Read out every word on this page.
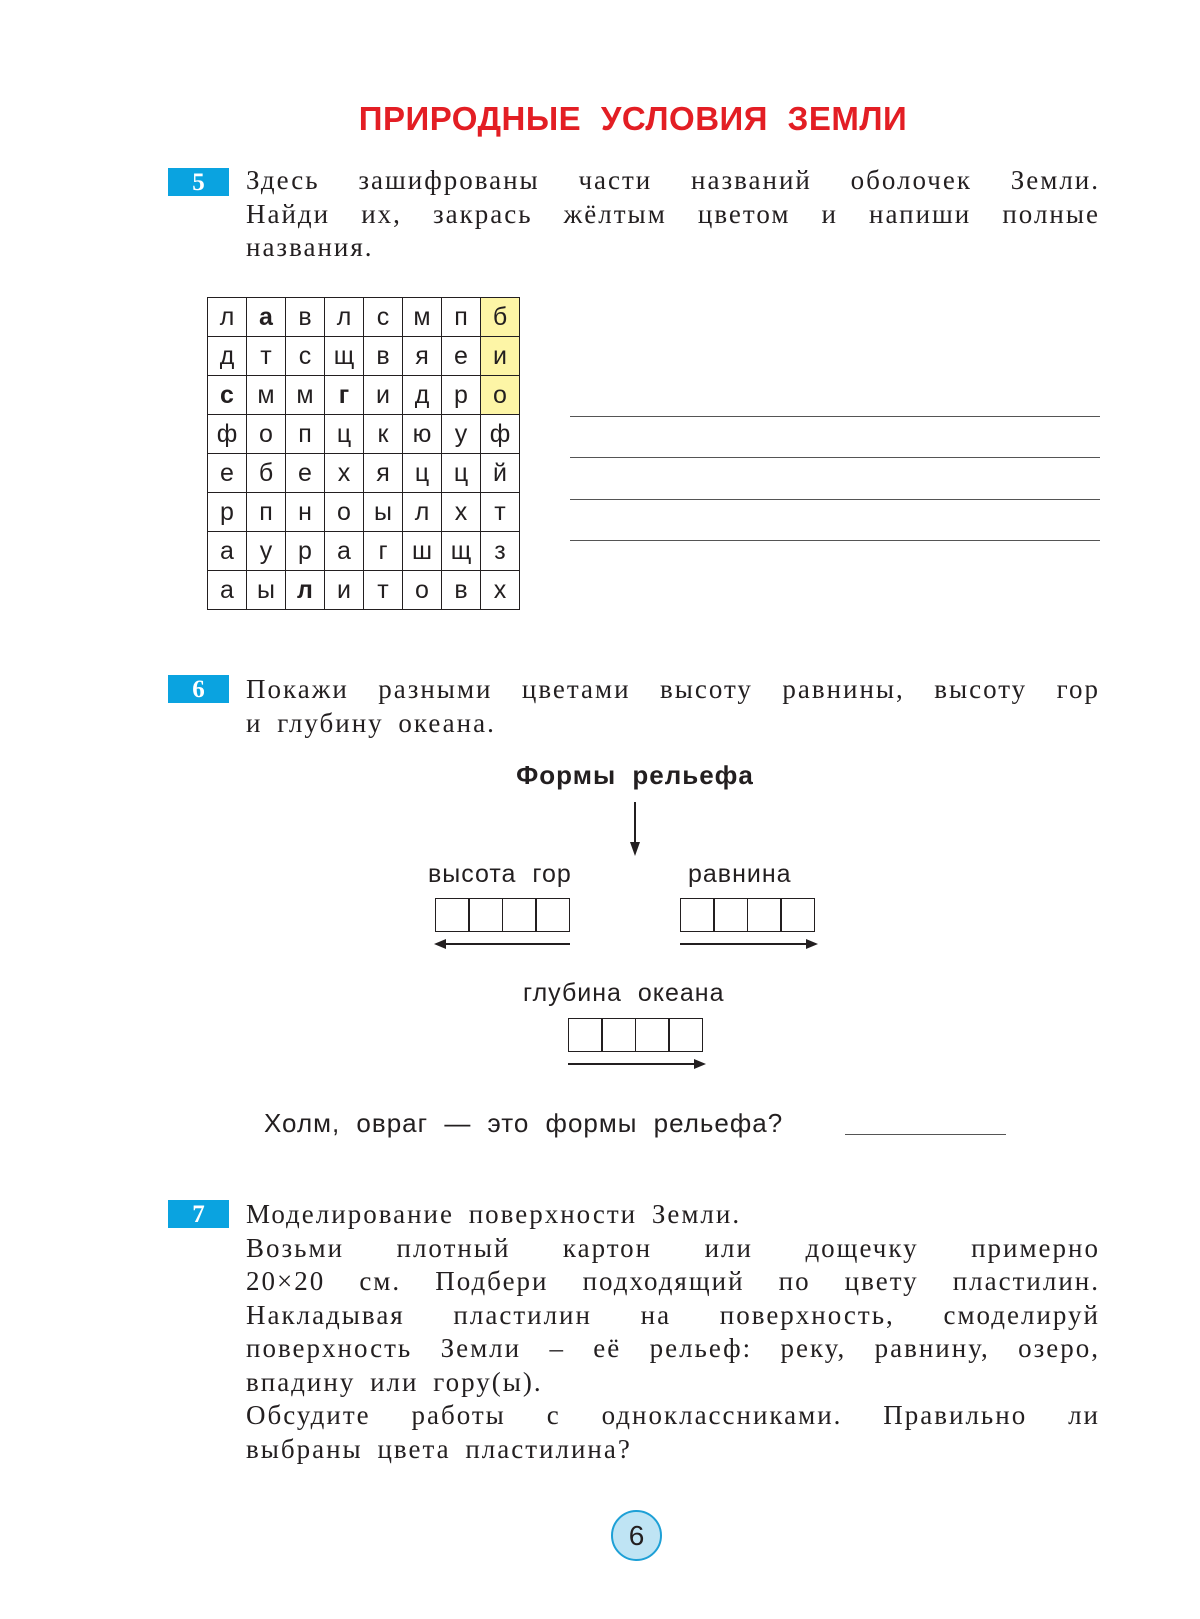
ПРИРОДНЫЕ УСЛОВИЯ ЗЕМЛИ
5	Здесь зашифрованы части названий оболочек Земли.
Найди их, закрась жёлтым цветом и напиши полные
названия.
л	а	в	л	с	м	п	б
д	т	с	щ	в	я	е	и
с	м	м	г	и	д	р	о
ф	о	п	ц	к	ю	у	ф
е	б	е	х	я	ц	ц	й
р	п	н	о	ы	л	х	т
а	у	р	а	г	ш	щ	з
а	ы	л	и	т	о	в	х
6	Покажи разными цветами высоту равнины, высоту гор
и глубину океана.
Формы рельефа
высота гор	равнина
глубина океана
Холм, овраг — это формы рельефа?
7	Моделирование поверхности Земли.
Возьми плотный картон или дощечку примерно
20×20 см. Подбери подходящий по цвету пластилин.
Накладывая пластилин на поверхность, смоделируй
поверхность Земли – её рельеф: реку, равнину, озеро,
впадину или гору(ы).
Обсудите работы с одноклассниками. Правильно ли
выбраны цвета пластилина?
6
